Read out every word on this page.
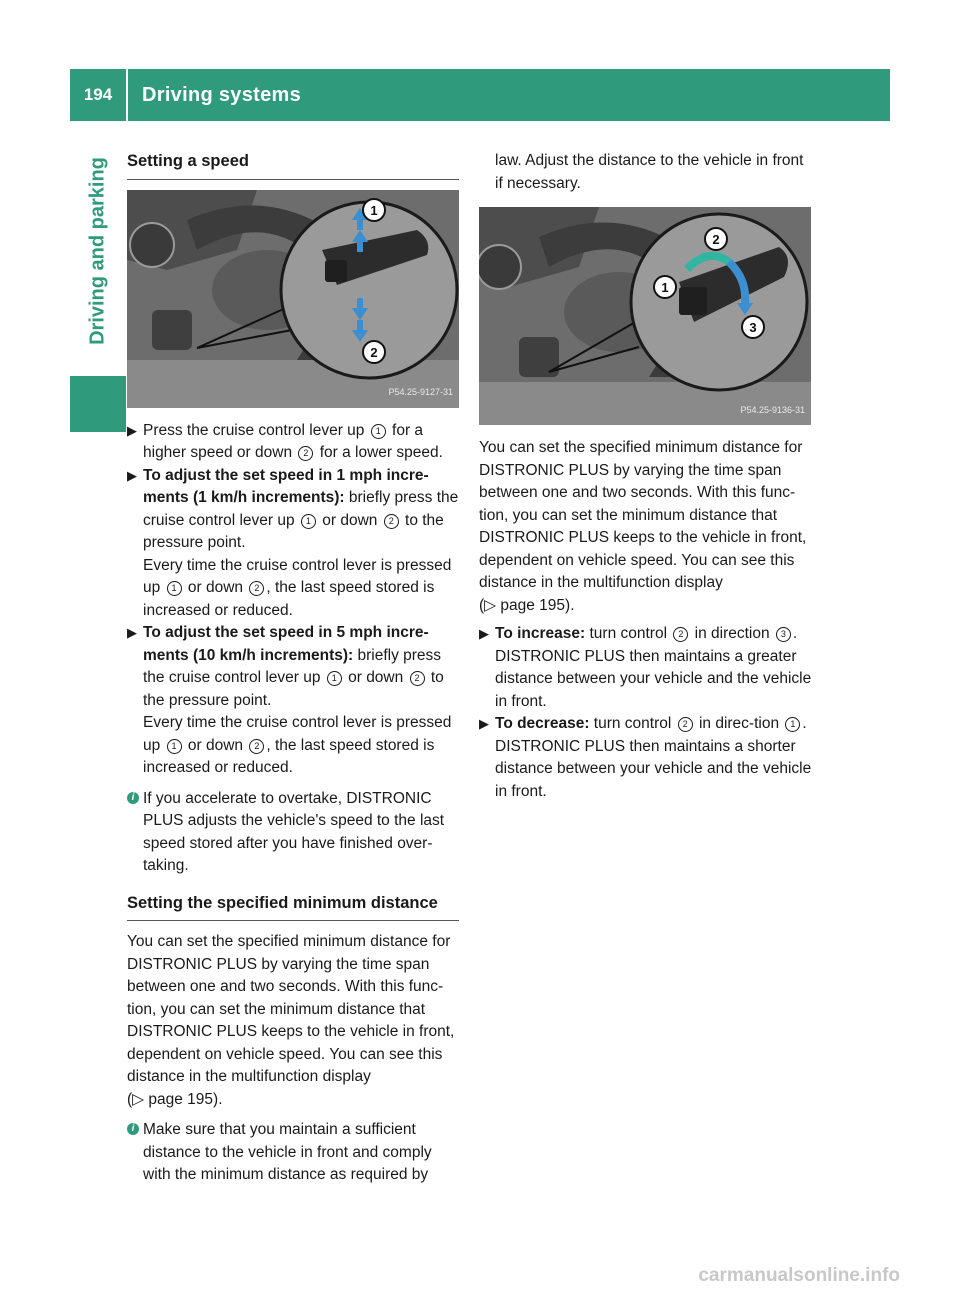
194	Driving systems
Driving and parking Setting a speed
1
2
P54.25-9127-31
▶ Press the cruise control lever up 1 for a higher speed or down 2 for a lower speed.
▶ To adjust the set speed in 1 mph incre-ments (1 km/h increments): briefly press the cruise control lever up 1 or down 2 to the pressure point.
Every time the cruise control lever is pressed up 1 or down 2 , the last speed stored is increased or reduced.
▶ To adjust the set speed in 5 mph incre-ments (10 km/h increments): briefly press the cruise control lever up 1 or down 2 to the pressure point.
Every time the cruise control lever is pressed up 1 or down 2 , the last speed stored is increased or reduced.
i If you accelerate to overtake, DISTRONIC PLUS adjusts the vehicle's speed to the last speed stored after you have finished over-taking.
Setting the specified minimum distance

You can set the specified minimum distance for DISTRONIC PLUS by varying the time span between one and two seconds. With this func-tion, you can set the minimum distance that DISTRONIC PLUS keeps to the vehicle in front, dependent on vehicle speed. You can see this distance in the multifunction display
(▷ page 195).

i Make sure that you maintain a sufficient distance to the vehicle in front and comply with the minimum distance as required by

law. Adjust the distance to the vehicle in front if necessary.

1
2
3
P54.25-9136-31

You can set the specified minimum distance for DISTRONIC PLUS by varying the time span between one and two seconds. With this func-tion, you can set the minimum distance that DISTRONIC PLUS keeps to the vehicle in front, dependent on vehicle speed. You can see this distance in the multifunction display
(▷ page 195).

▶ To increase: turn control 2 in direction 3 .
DISTRONIC PLUS then maintains a greater distance between your vehicle and the vehicle in front.
▶ To decrease: turn control 2 in direc-tion 1 .
DISTRONIC PLUS then maintains a shorter distance between your vehicle and the vehicle in front.
carmanualsonline.info
